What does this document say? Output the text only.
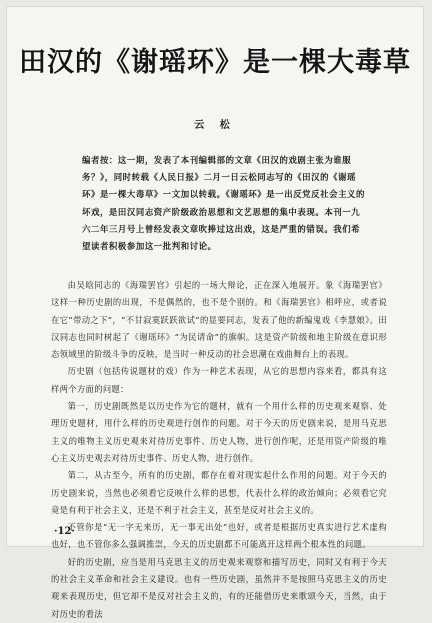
田汉的《谢瑶环》是一棵大毒草
云 松
编者按：这一期，发表了本刊编辑部的文章《田汉的戏剧主张为谁服务？》，同时转载《人民日报》二月一日云松同志写的《田汉的《谢瑶环》是一棵大毒草》一文加以转载。《谢瑶环》是一出反党反社会主义的坏戏，是田汉同志资产阶级政治思想和文艺思想的集中表现。本刊一九六二年三月号上曾经发表文章吹捧过这出戏，这是严重的错误。我们希望读者积极参加这一批判和讨论。

由吴晗同志的《海瑞罢官》引起的一场大辩论，正在深入地展开。象《海瑞罢官》这样一种历史剧的出现，不是偶然的，也不是个别的。和《海瑞罢官》相呼应，或者说在它“带动之下”，“不甘寂寞跃跃欲试”的显要同志，发表了他的新编鬼戏《李慧娘》。田汉同志也同时树起了《谢瑶环》“为民请命”的旗帜。这是资产阶级和地主阶级在意识形态领域里的阶级斗争的反映，是当时一种反动的社会思潮在戏曲舞台上的表现。

历史剧（包括传说题材的戏）作为一种艺术表现，从它的思想内容来看，都具有这样两个方面的问题：

第一，历史剧既然是以历史作为它的题材，就有一个用什么样的历史观来观察、处理历史题材，用什么样的历史观进行创作的问题。对于今天的历史剧来说，是用马克思主义的唯物主义历史观来对待历史事件、历史人物，进行创作呢，还是用资产阶级的唯心主义历史观去对待历史事件、历史人物，进行创作。

第二，从古至今，所有的历史剧，都存在着对现实起什么作用的问题。对于今天的历史剧来说，当然也必须看它反映什么样的思想，代表什么样的政治倾向；必须看它究竟是有利于社会主义，还是不利于社会主义，甚至是反对社会主义的。

不管你是“无一字无来历，无一事无出处”也好，或者是根据历史真实进行艺术虚构也好，也不管你多么强调推崇，今天的历史剧都不可能离开这样两个根本性的问题。

好的历史剧，应当是用马克思主义的历史观来观察和描写历史，同时又有利于今天的社会主义革命和社会主义建设。也有一些历史剧，虽然并不是按照马克思主义的历史观来表现历史，但它却不是反对社会主义的，有的还能借历史来歌颂今天，当然，由于对历史的看法

·12·
